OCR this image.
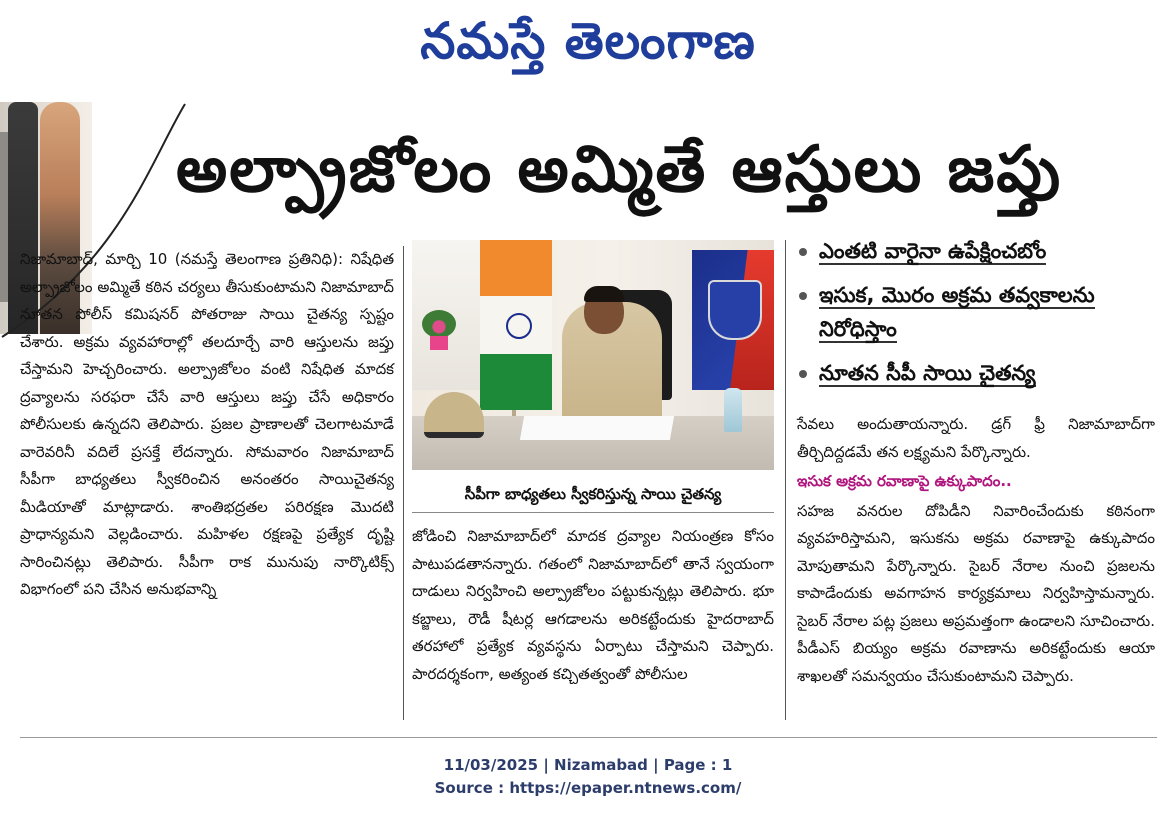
నమస్తే తెలంగాణ
అల్ప్రాజోలం అమ్మితే ఆస్తులు జప్తు

నిజామాబాద్, మార్చి 10 (నమస్తే తెలంగాణ ప్రతినిధి): నిషేధిత అల్ప్రాజోలం అమ్మితే కఠిన చర్యలు తీసుకుంటామని నిజామాబాద్ నూతన పోలీస్ కమిషనర్ పోతరాజు సాయి చైతన్య స్పష్టం చేశారు. అక్రమ వ్యవహారాల్లో తలదూర్చే వారి ఆస్తులను జప్తు చేస్తామని హెచ్చరించారు. అల్ప్రాజోలం వంటి నిషేధిత మాదక ద్రవ్యాలను సరఫరా చేసే వారి ఆస్తులు జప్తు చేసే అధికారం పోలీసులకు ఉన్నదని తెలిపారు. ప్రజల ప్రాణాలతో చెలగాటమాడే వారెవరినీ వదిలే ప్రసక్తే లేదన్నారు. సోమవారం నిజామాబాద్ సీపీగా బాధ్యతలు స్వీకరించిన అనంతరం సాయిచైతన్య మీడియాతో మాట్లాడారు. శాంతిభద్రతల పరిరక్షణ మొదటి ప్రాధాన్యమని వెల్లడించారు. మహిళల రక్షణపై ప్రత్యేక దృష్టి సారించినట్లు తెలిపారు. సీపీగా రాక మునుపు నార్కొటిక్స్ విభాగంలో పని చేసిన అనుభవాన్ని

సీపీగా బాధ్యతలు స్వీకరిస్తున్న సాయి చైతన్య

జోడించి నిజామాబాద్‌లో మాదక ద్రవ్యాల నియంత్రణ కోసం పాటుపడతానన్నారు. గతంలో నిజామాబాద్‌లో తానే స్వయంగా దాడులు నిర్వహించి అల్ప్రాజోలం పట్టుకున్నట్లు తెలిపారు. భూ కబ్జాలు, రౌడీ షీటర్ల ఆగడాలను అరికట్టేందుకు హైదరాబాద్ తరహాలో ప్రత్యేక వ్యవస్థను ఏర్పాటు చేస్తామని చెప్పారు. పారదర్శకంగా, అత్యంత కచ్చితత్వంతో పోలీసుల

ఎంతటి వారైనా ఉపేక్షించబోం
ఇసుక, మొరం అక్రమ తవ్వకాలను నిరోధిస్తాం
నూతన సీపీ సాయి చైతన్య

సేవలు అందుతాయన్నారు. డ్రగ్ ఫ్రీ నిజామాబాద్‌గా తీర్చిదిద్దడమే తన లక్ష్యమని పేర్కొన్నారు.

ఇసుక అక్రమ రవాణాపై ఉక్కుపాదం..

సహజ వనరుల దోపిడీని నివారించేందుకు కఠినంగా వ్యవహరిస్తామని, ఇసుకను అక్రమ రవాణాపై ఉక్కుపాదం మోపుతామని పేర్కొన్నారు. సైబర్ నేరాల నుంచి ప్రజలను కాపాడేందుకు అవగాహన కార్యక్రమాలు నిర్వహిస్తామన్నారు. సైబర్ నేరాల పట్ల ప్రజలు అప్రమత్తంగా ఉండాలని సూచించారు. పీడీఎస్ బియ్యం అక్రమ రవాణాను అరికట్టేందుకు ఆయా శాఖలతో సమన్వయం చేసుకుంటామని చెప్పారు.

11/03/2025 | Nizamabad | Page : 1
Source : https://epaper.ntnews.com/
